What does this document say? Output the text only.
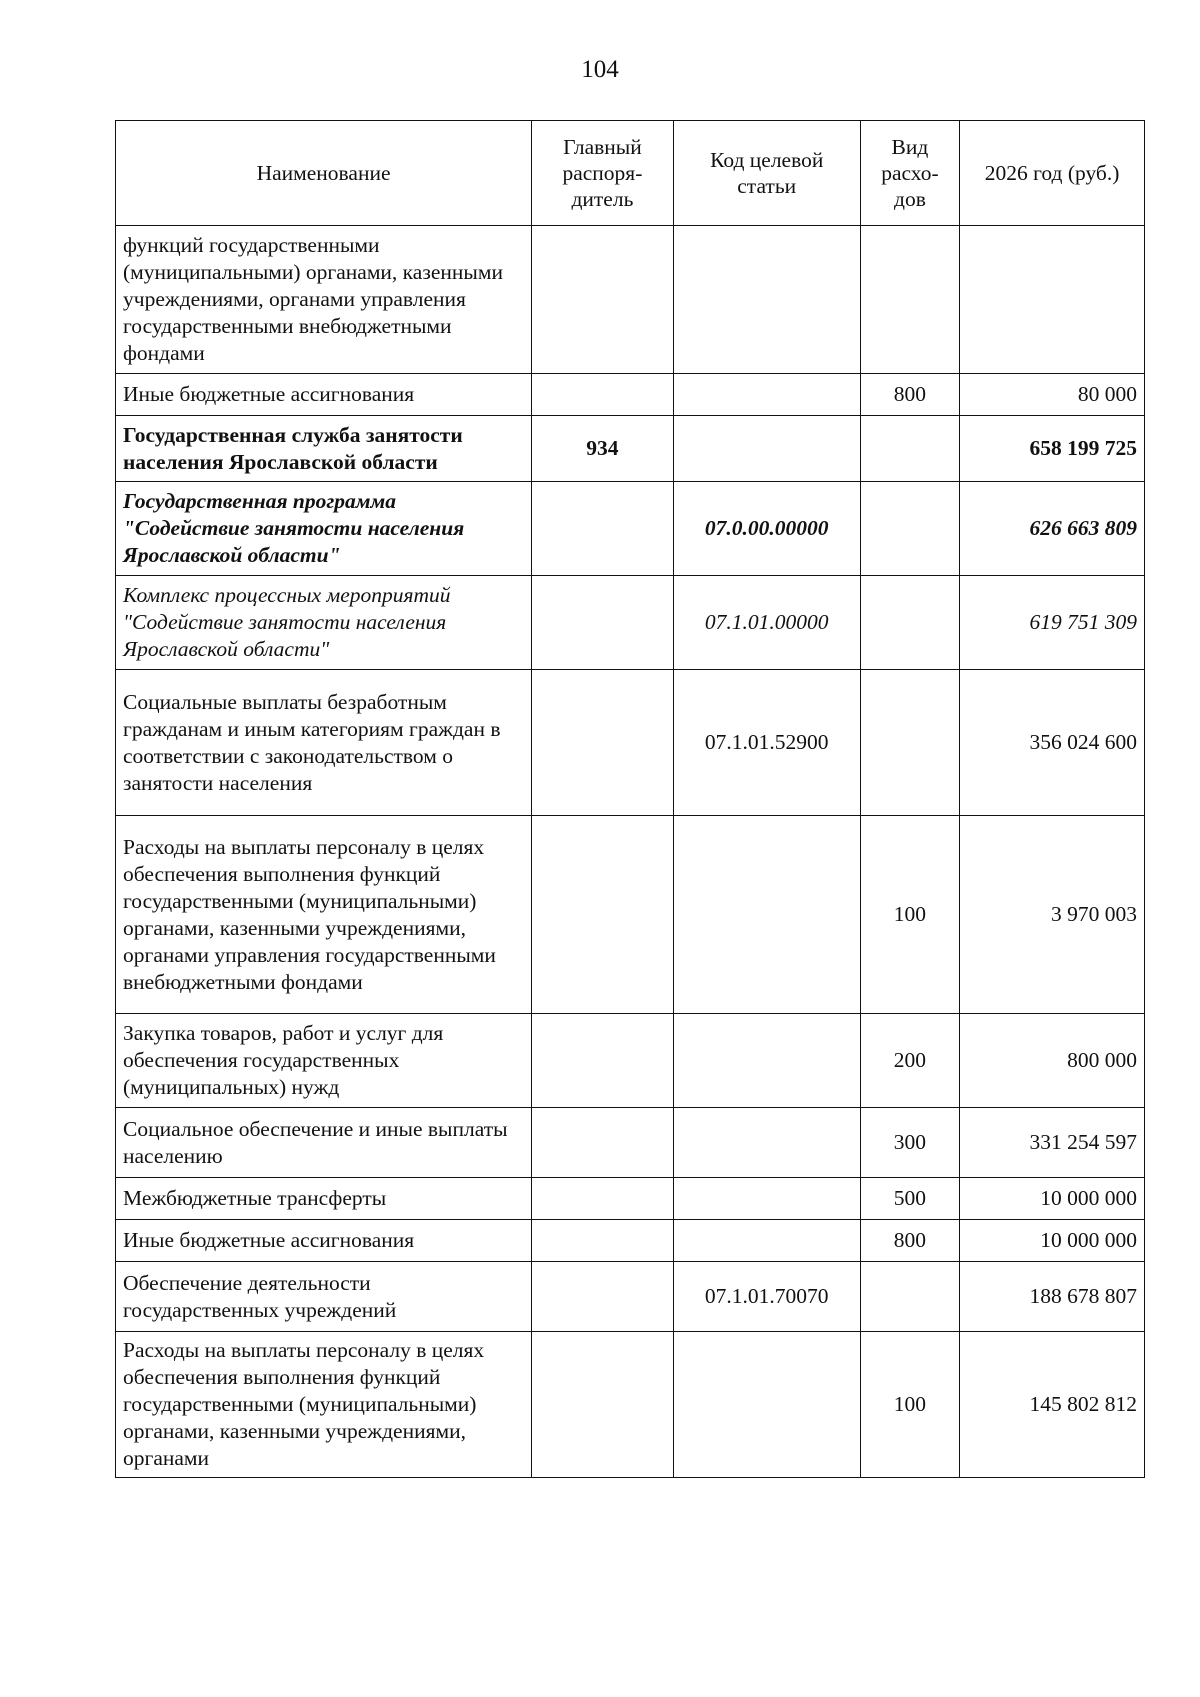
104
Наименование	Главный распоря-дитель	Код целевой статьи	Вид расхо-дов	2026 год (руб.)
функций государственными (муниципальными) органами, казенными учреждениями, органами управления государственными внебюджетными фондами				
Иные бюджетные ассигнования			800	80 000
Государственная служба занятости населения Ярославской области	934			658 199 725
Государственная программа "Содействие занятости населения Ярославской области"		07.0.00.00000		626 663 809
Комплекс процессных мероприятий "Содействие занятости населения Ярославской области"		07.1.01.00000		619 751 309
Социальные выплаты безработным гражданам и иным категориям граждан в соответствии с законодательством о занятости населения		07.1.01.52900		356 024 600
Расходы на выплаты персоналу в целях обеспечения выполнения функций государственными (муниципальными) органами, казенными учреждениями, органами управления государственными внебюджетными фондами			100	3 970 003
Закупка товаров, работ и услуг для обеспечения государственных (муниципальных) нужд			200	800 000
Социальное обеспечение и иные выплаты населению			300	331 254 597
Межбюджетные трансферты			500	10 000 000
Иные бюджетные ассигнования			800	10 000 000
Обеспечение деятельности государственных учреждений		07.1.01.70070		188 678 807
Расходы на выплаты персоналу в целях обеспечения выполнения функций государственными (муниципальными) органами, казенными учреждениями, органами			100	145 802 812
